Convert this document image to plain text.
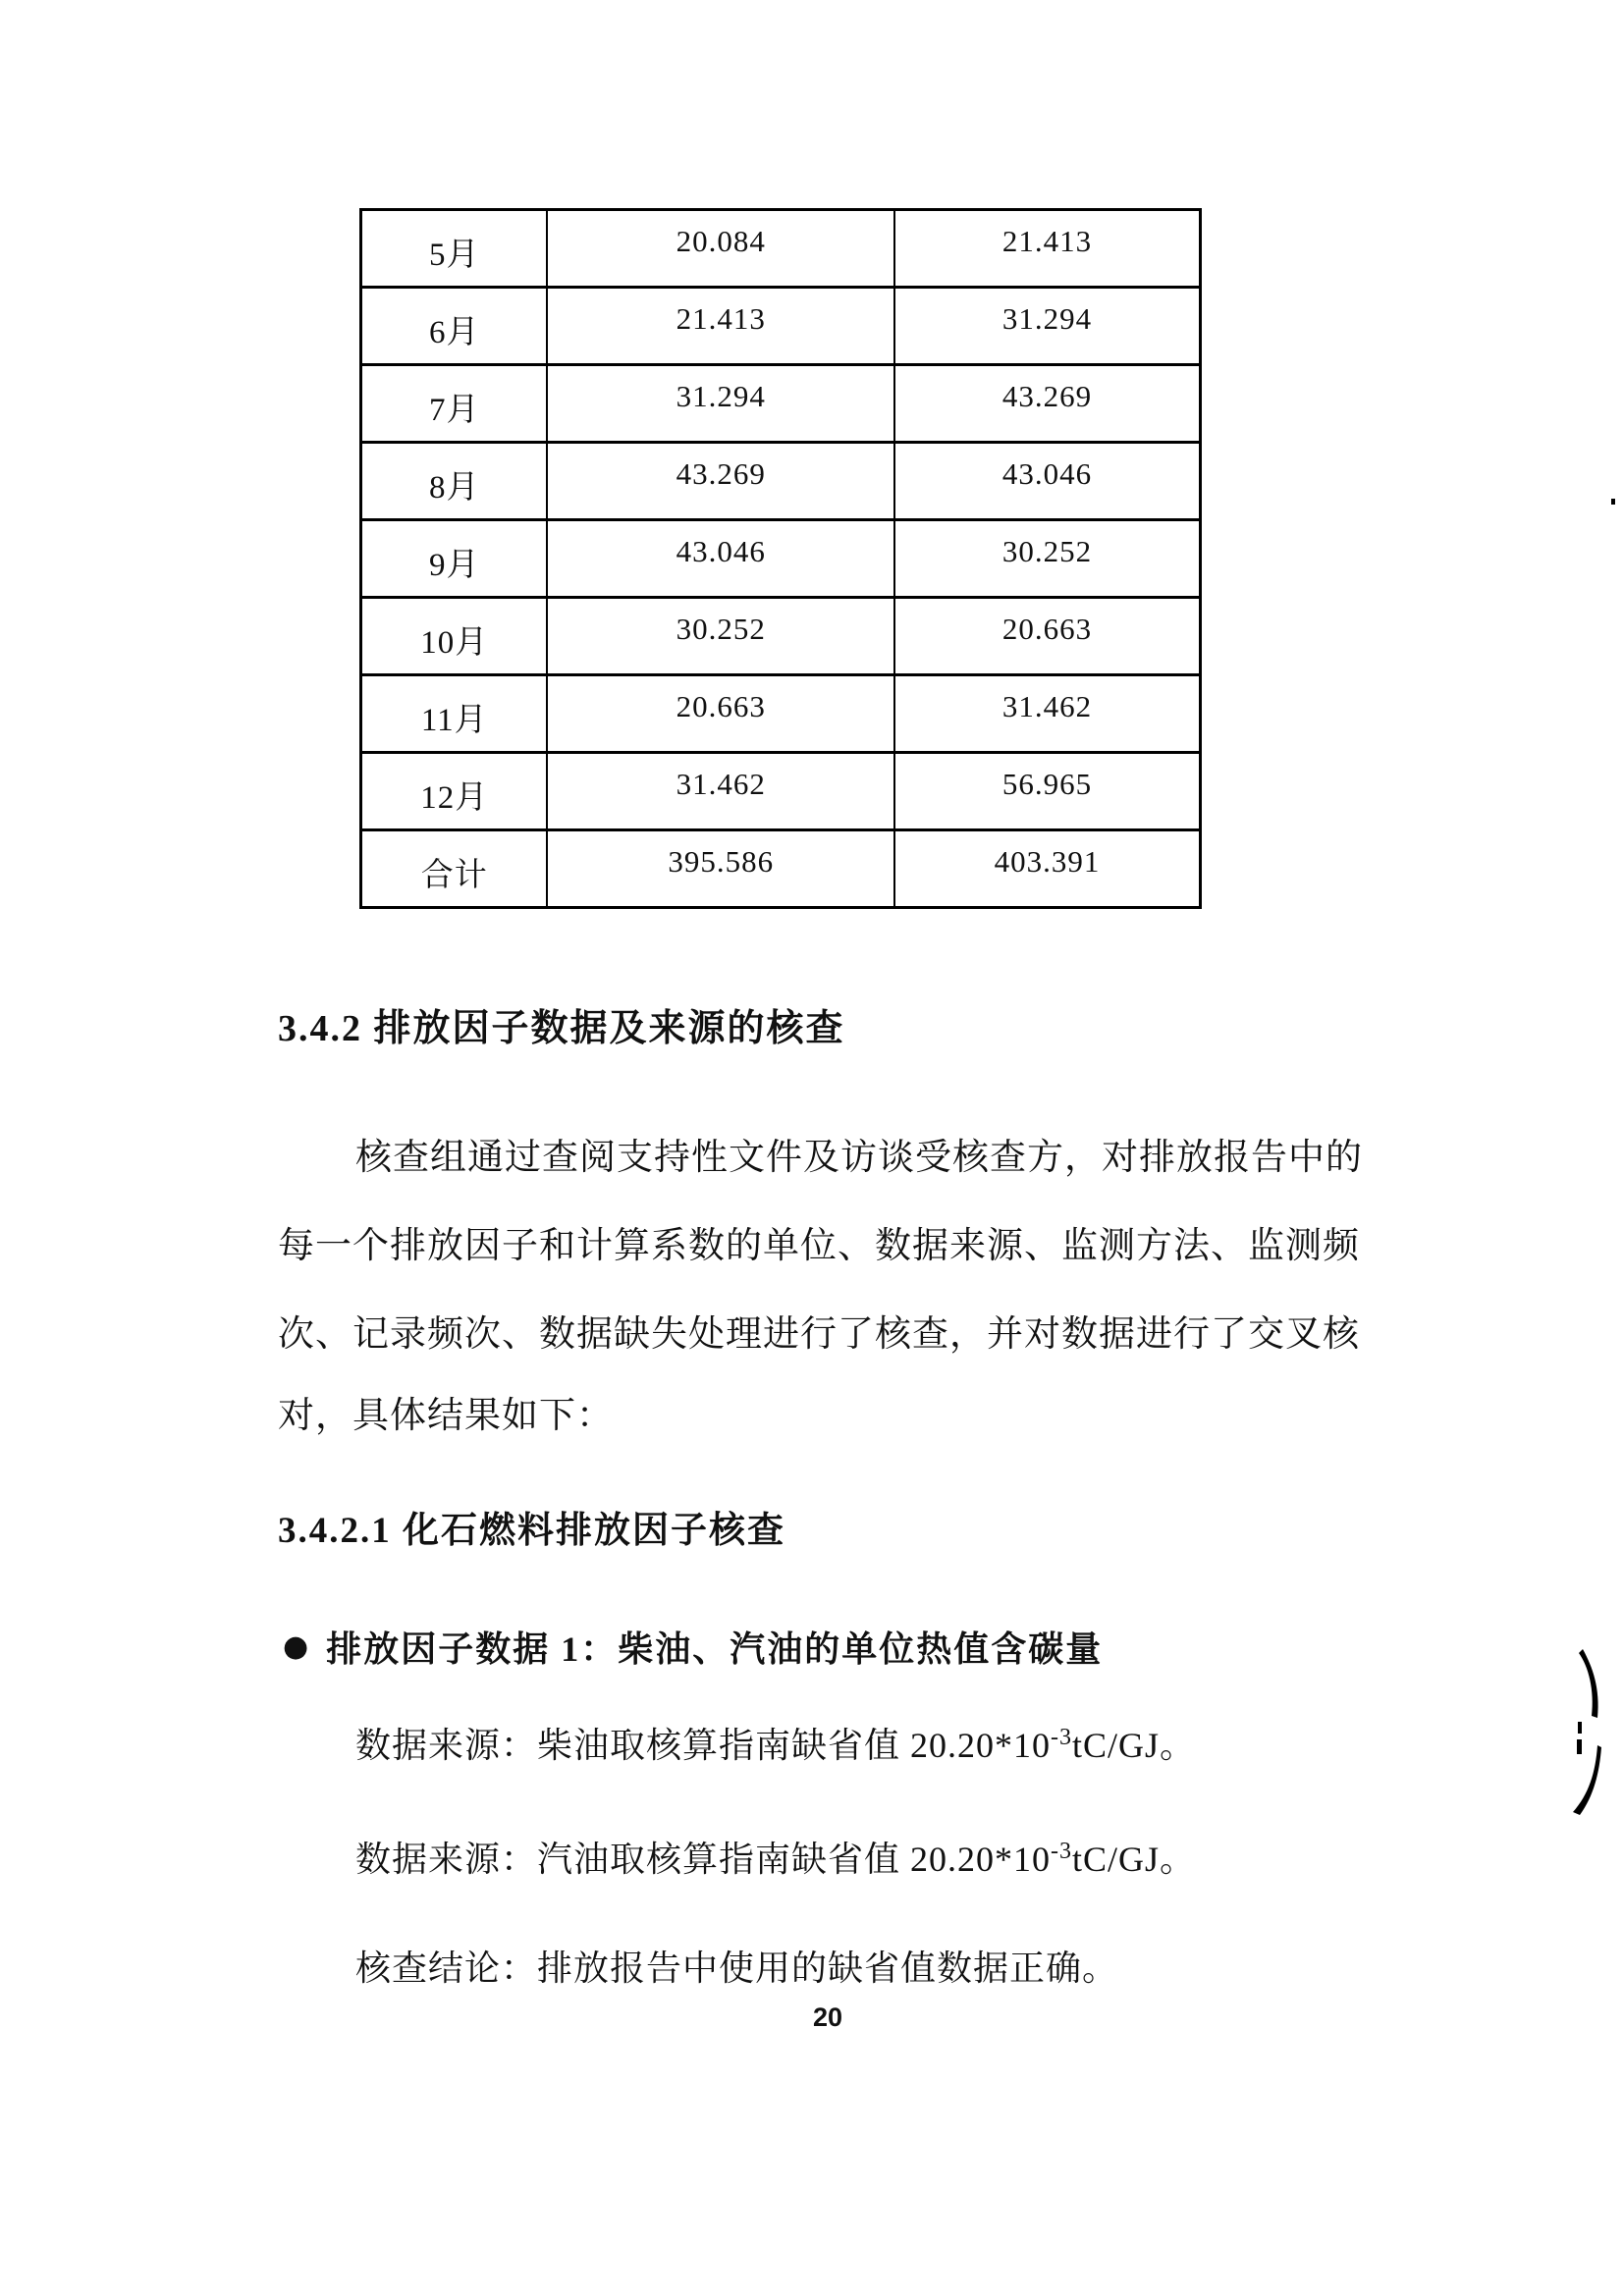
5月	20.084	21.413
6月	21.413	31.294
7月	31.294	43.269
8月	43.269	43.046
9月	43.046	30.252
10月	30.252	20.663
11月	20.663	31.462
12月	31.462	56.965
合计	395.586	403.391
3.4.2 排放因子数据及来源的核查
核查组通过查阅支持性文件及访谈受核查方，对排放报告中的
每一个排放因子和计算系数的单位、数据来源、监测方法、监测频
次、记录频次、数据缺失处理进行了核查，并对数据进行了交叉核
对，具体结果如下：
3.4.2.1 化石燃料排放因子核查
● 排放因子数据 1：柴油、汽油的单位热值含碳量
数据来源：柴油取核算指南缺省值 $20.20*10^{-3}tC/GJ$。
数据来源：汽油取核算指南缺省值 $20.20*10^{-3}tC/GJ$。
核查结论：排放报告中使用的缺省值数据正确。
20
